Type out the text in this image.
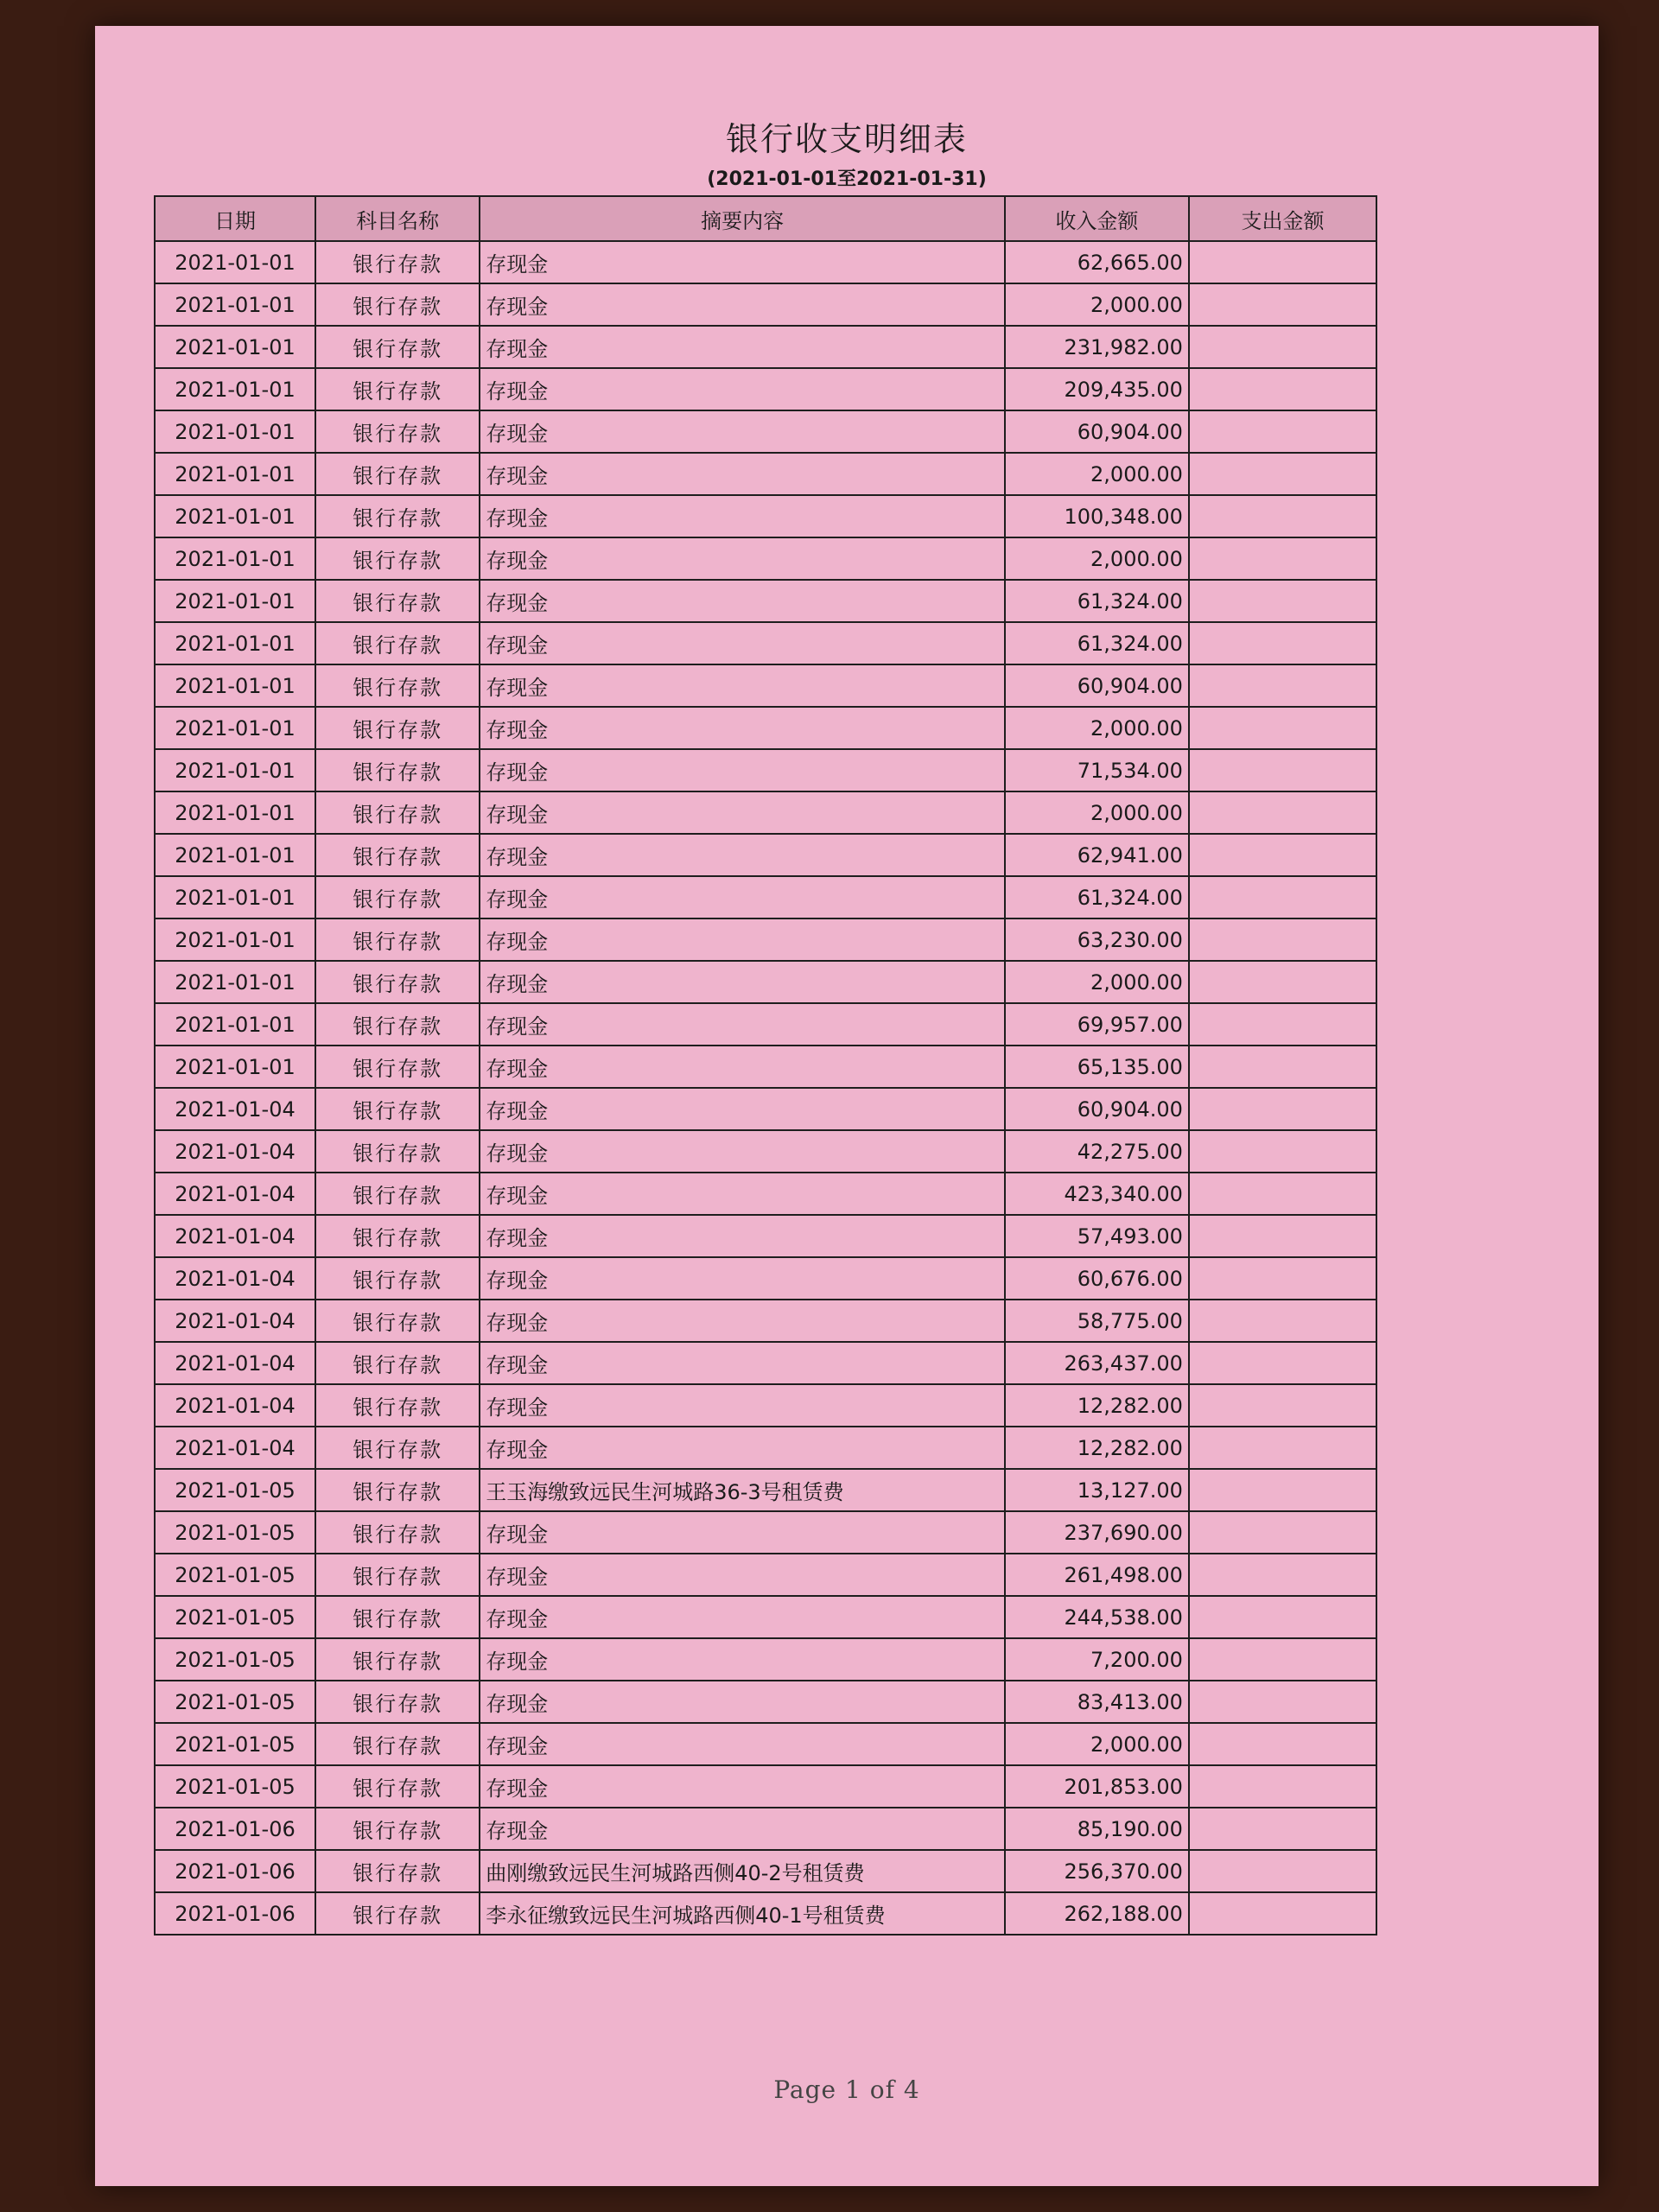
银行收支明细表
(2021-01-01至2021-01-31)
日期	科目名称	摘要内容	收入金额	支出金额
2021-01-01	银行存款	存现金	62,665.00	
2021-01-01	银行存款	存现金	2,000.00	
2021-01-01	银行存款	存现金	231,982.00	
2021-01-01	银行存款	存现金	209,435.00	
2021-01-01	银行存款	存现金	60,904.00	
2021-01-01	银行存款	存现金	2,000.00	
2021-01-01	银行存款	存现金	100,348.00	
2021-01-01	银行存款	存现金	2,000.00	
2021-01-01	银行存款	存现金	61,324.00	
2021-01-01	银行存款	存现金	61,324.00	
2021-01-01	银行存款	存现金	60,904.00	
2021-01-01	银行存款	存现金	2,000.00	
2021-01-01	银行存款	存现金	71,534.00	
2021-01-01	银行存款	存现金	2,000.00	
2021-01-01	银行存款	存现金	62,941.00	
2021-01-01	银行存款	存现金	61,324.00	
2021-01-01	银行存款	存现金	63,230.00	
2021-01-01	银行存款	存现金	2,000.00	
2021-01-01	银行存款	存现金	69,957.00	
2021-01-01	银行存款	存现金	65,135.00	
2021-01-04	银行存款	存现金	60,904.00	
2021-01-04	银行存款	存现金	42,275.00	
2021-01-04	银行存款	存现金	423,340.00	
2021-01-04	银行存款	存现金	57,493.00	
2021-01-04	银行存款	存现金	60,676.00	
2021-01-04	银行存款	存现金	58,775.00	
2021-01-04	银行存款	存现金	263,437.00	
2021-01-04	银行存款	存现金	12,282.00	
2021-01-04	银行存款	存现金	12,282.00	
2021-01-05	银行存款	王玉海缴致远民生河城路36-3号租赁费	13,127.00	
2021-01-05	银行存款	存现金	237,690.00	
2021-01-05	银行存款	存现金	261,498.00	
2021-01-05	银行存款	存现金	244,538.00	
2021-01-05	银行存款	存现金	7,200.00	
2021-01-05	银行存款	存现金	83,413.00	
2021-01-05	银行存款	存现金	2,000.00	
2021-01-05	银行存款	存现金	201,853.00	
2021-01-06	银行存款	存现金	85,190.00	
2021-01-06	银行存款	曲刚缴致远民生河城路西侧40-2号租赁费	256,370.00	
2021-01-06	银行存款	李永征缴致远民生河城路西侧40-1号租赁费	262,188.00	
Page 1 of 4
